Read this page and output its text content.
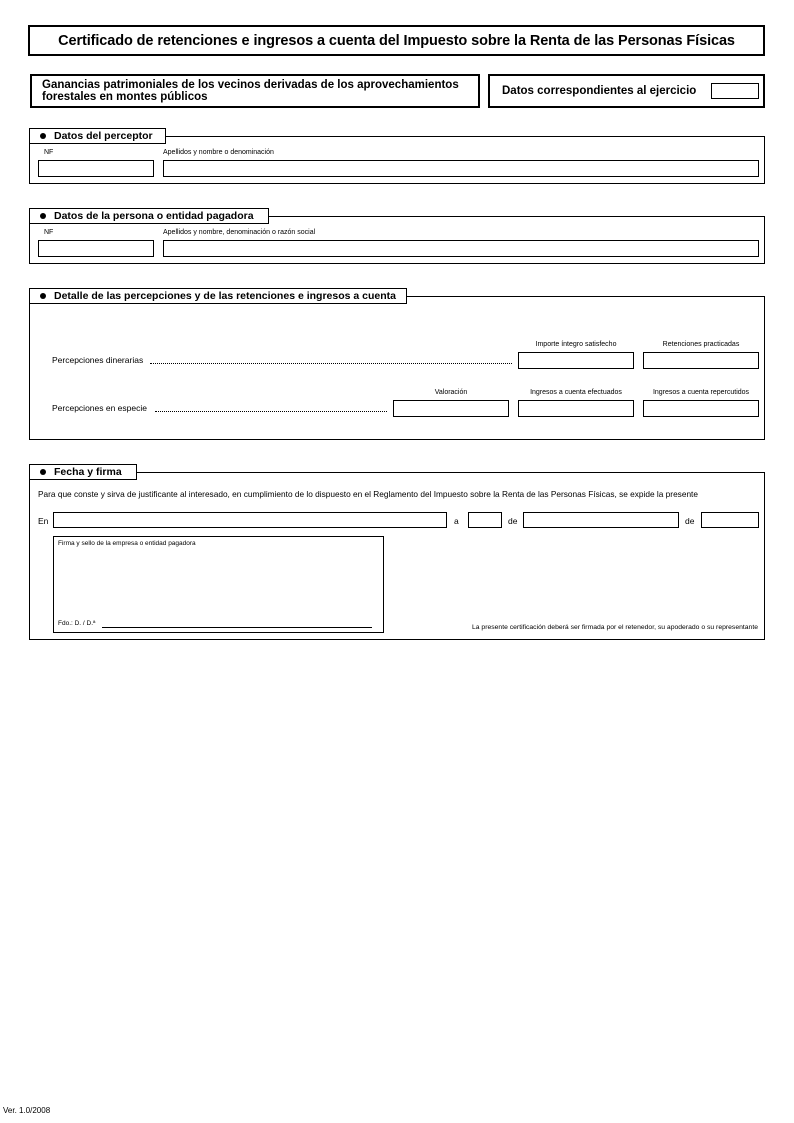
Certificado de retenciones e ingresos a cuenta del Impuesto sobre la Renta de las Personas Físicas
Ganancias patrimoniales de los vecinos derivadas de los aprovechamientos
forestales en montes públicos	Datos correspondientes al ejercicio
Datos del perceptor
NF	Apellidos y nombre o denominación
Datos de la persona o entidad pagadora
NF	Apellidos y nombre, denominación o razón social
Detalle de las percepciones y de las retenciones e ingresos a cuenta
Importe íntegro satisfecho	Retenciones practicadas
Percepciones dinerarias
Valoración	Ingresos a cuenta efectuados	Ingresos a cuenta repercutidos
Percepciones en especie
Fecha y firma
Para que conste y sirva de justificante al interesado, en cumplimiento de lo dispuesto en el Reglamento del Impuesto sobre la Renta de las Personas Físicas, se expide la presente
En	a	de	de
Firma y sello de la empresa o entidad pagadora
Fdo.: D. / D.ª
La presente certificación deberá ser firmada por el retenedor, su apoderado o su representante
Ver. 1.0/2008
